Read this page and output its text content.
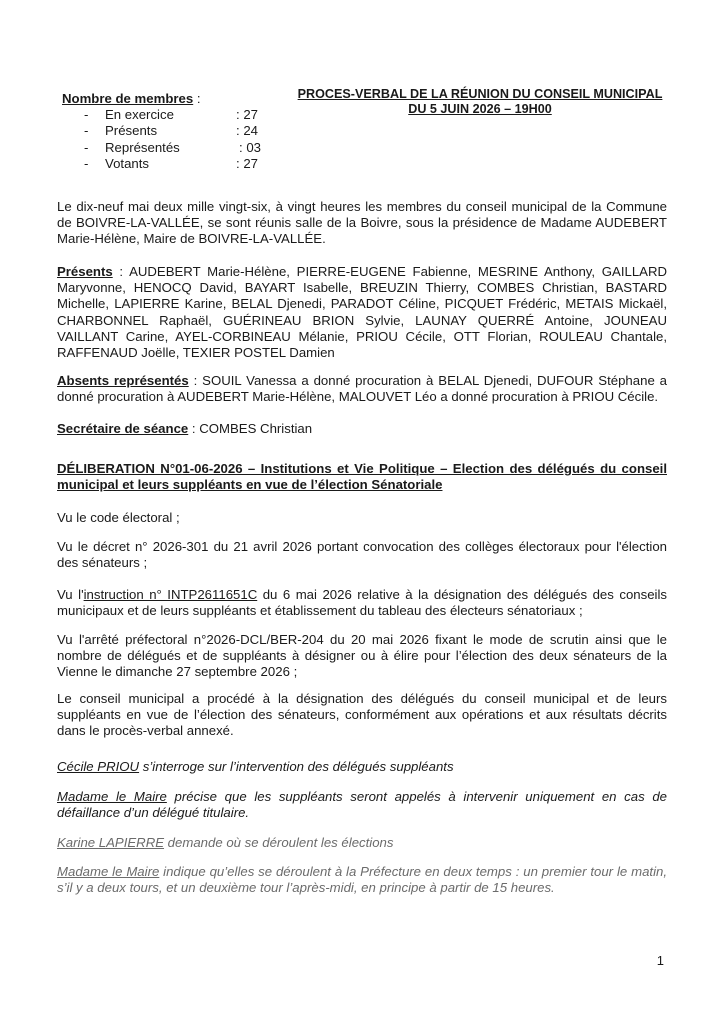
Nombre de membres :
- En exercice	: 27
- Présents	: 24
- Représentés	: 03
- Votants	: 27
PROCES-VERBAL DE LA RÉUNION DU CONSEIL MUNICIPAL
DU 5 JUIN 2026 – 19H00
Le dix-neuf mai deux mille vingt-six, à vingt heures les membres du conseil municipal de la Commune de BOIVRE-LA-VALLÉE, se sont réunis salle de la Boivre, sous la présidence de Madame AUDEBERT Marie-Hélène, Maire de BOIVRE-LA-VALLÉE.
Présents : AUDEBERT Marie-Hélène, PIERRE-EUGENE Fabienne, MESRINE Anthony, GAILLARD Maryvonne, HENOCQ David, BAYART Isabelle, BREUZIN Thierry, COMBES Christian, BASTARD Michelle, LAPIERRE Karine, BELAL Djenedi, PARADOT Céline, PICQUET Frédéric, METAIS Mickaël, CHARBONNEL Raphaël, GUÉRINEAU BRION Sylvie, LAUNAY QUERRÉ Antoine, JOUNEAU VAILLANT Carine, AYEL-CORBINEAU Mélanie, PRIOU Cécile, OTT Florian, ROULEAU Chantale, RAFFENAUD Joëlle, TEXIER POSTEL Damien
Absents représentés : SOUIL Vanessa a donné procuration à BELAL Djenedi, DUFOUR Stéphane a donné procuration à AUDEBERT Marie-Hélène, MALOUVET Léo a donné procuration à PRIOU Cécile.
Secrétaire de séance : COMBES Christian
DÉLIBERATION N°01-06-2026 – Institutions et Vie Politique – Election des délégués du conseil municipal et leurs suppléants en vue de l’élection Sénatoriale
Vu le code électoral ;
Vu le décret n° 2026-301 du 21 avril 2026 portant convocation des collèges électoraux pour l'élection des sénateurs ;
Vu l'instruction n° INTP2611651C du 6 mai 2026 relative à la désignation des délégués des conseils municipaux et de leurs suppléants et établissement du tableau des électeurs sénatoriaux ;
Vu l'arrêté préfectoral n°2026-DCL/BER-204 du 20 mai 2026 fixant le mode de scrutin ainsi que le nombre de délégués et de suppléants à désigner ou à élire pour l’élection des deux sénateurs de la Vienne le dimanche 27 septembre 2026 ;
Le conseil municipal a procédé à la désignation des délégués du conseil municipal et de leurs suppléants en vue de l’élection des sénateurs, conformément aux opérations et aux résultats décrits dans le procès-verbal annexé.
Cécile PRIOU s’interroge sur l’intervention des délégués suppléants
Madame le Maire précise que les suppléants seront appelés à intervenir uniquement en cas de défaillance d’un délégué titulaire.
Karine LAPIERRE demande où se déroulent les élections
Madame le Maire indique qu’elles se déroulent à la Préfecture en deux temps : un premier tour le matin, s’il y a deux tours, et un deuxième tour l’après-midi, en principe à partir de 15 heures.
1
